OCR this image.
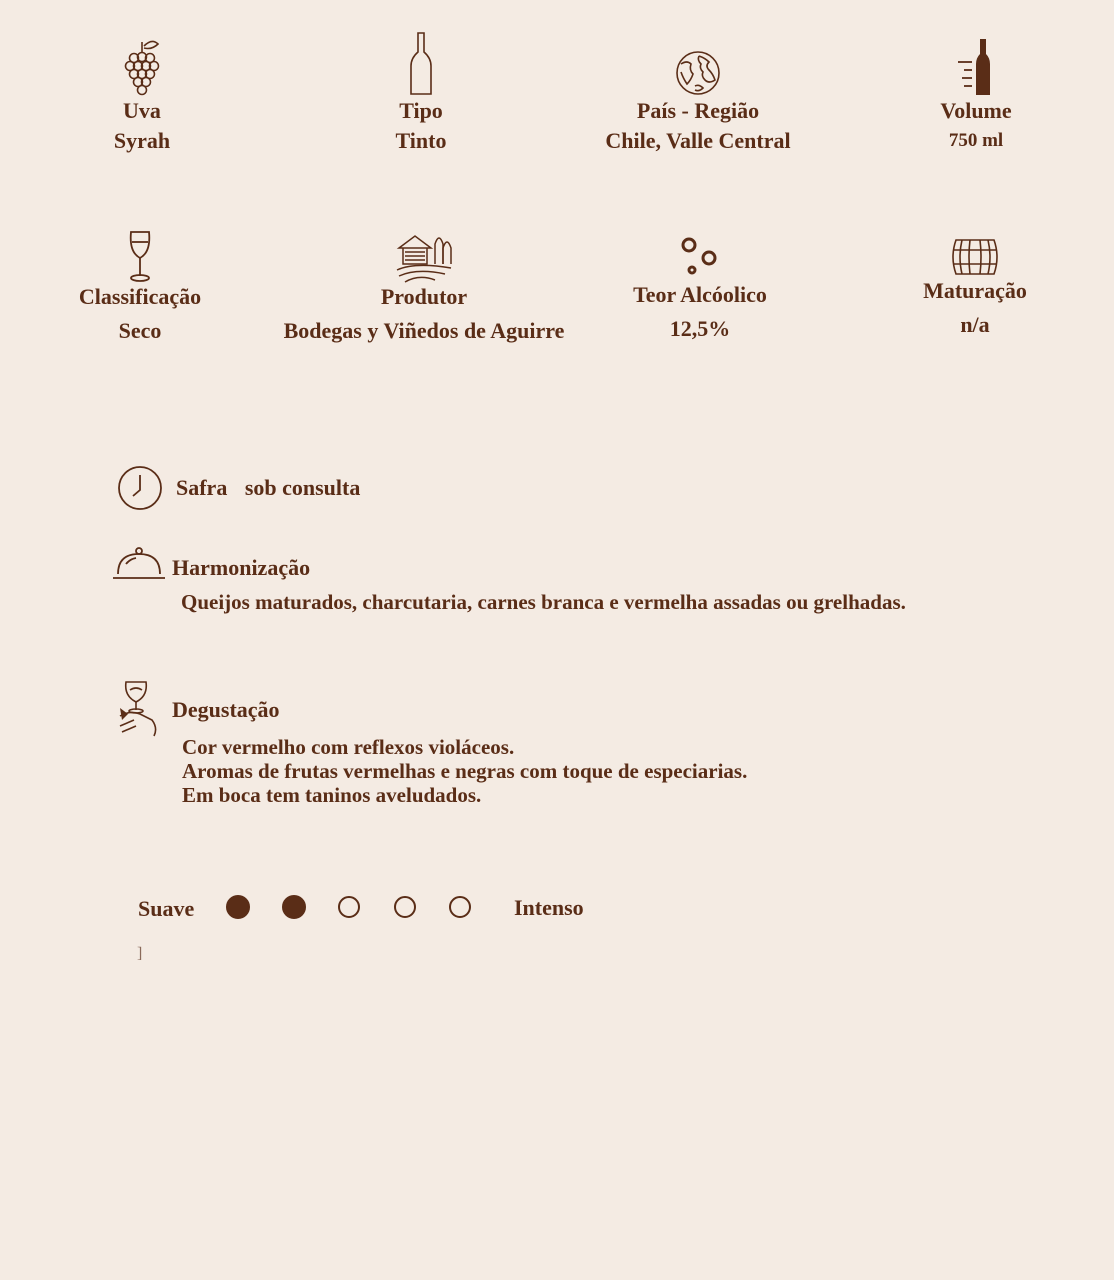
Uva
Syrah
Tipo
Tinto
País - Região
Chile, Valle Central
Volume
750 ml
Classificação
Seco
Produtor
Bodegas y Viñedos de Aguirre
Teor Alcóolico
12,5%
Maturação
n/a
Safra sob consulta
Harmonização
Queijos maturados, charcutaria, carnes branca e vermelha assadas ou grelhadas.
Degustação
Cor vermelho com reflexos violáceos.
Aromas de frutas vermelhas e negras com toque de especiarias.
Em boca tem taninos aveludados.
Suave	Intenso
]
